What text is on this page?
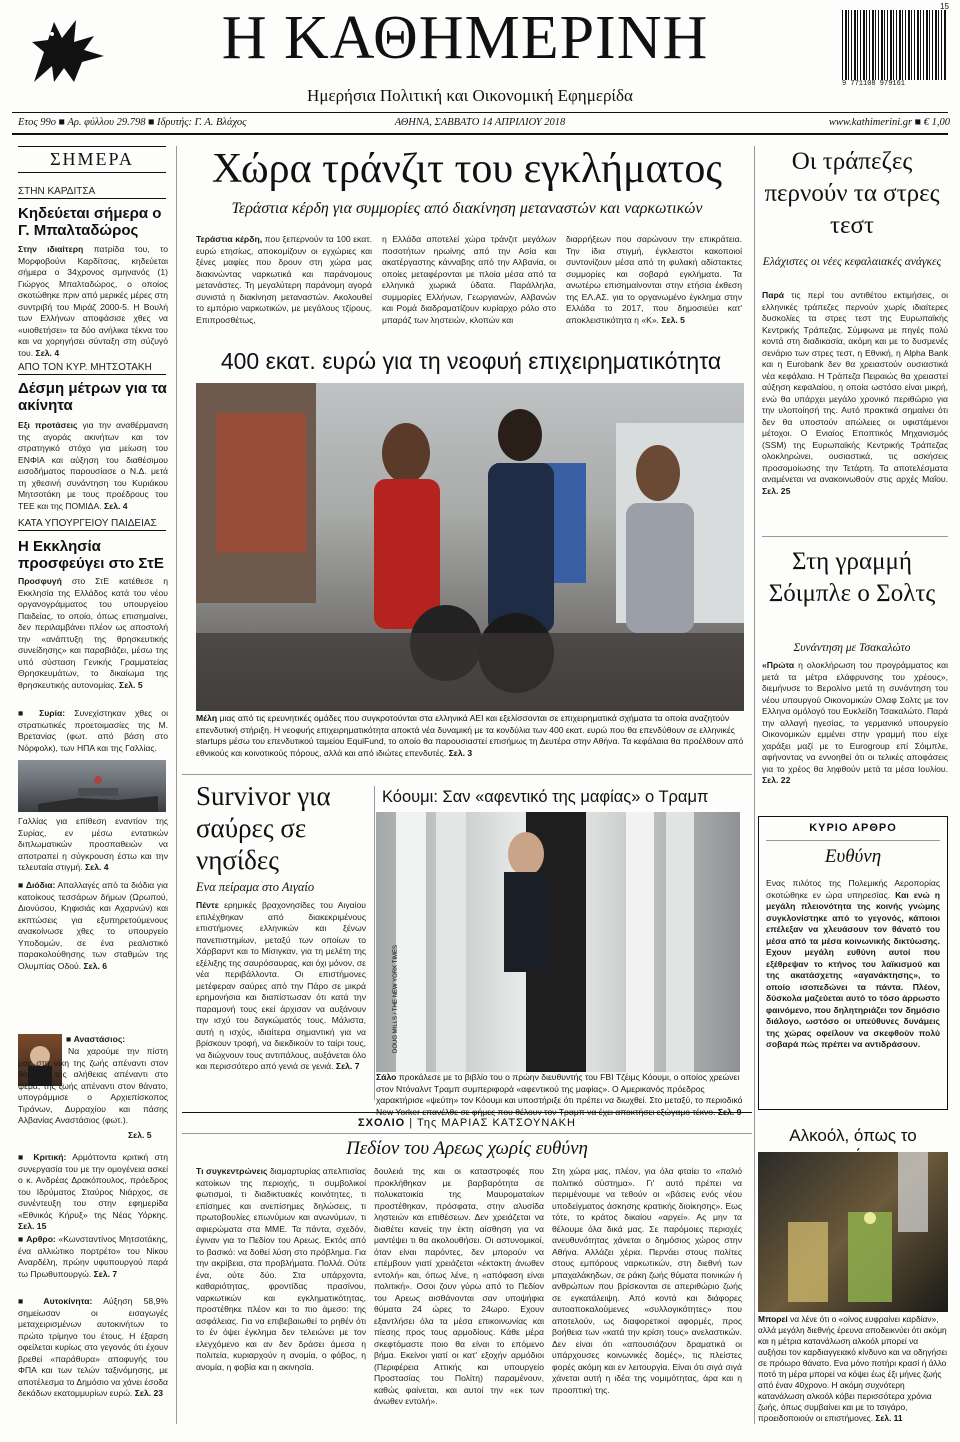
Η ΚΑΘΗΜΕΡΙΝΗ
Ημερήσια Πολιτική και Οικονομική Εφημερίδα
9 771108 979161
15
Ετος 99ο ■ Αρ. φύλλου 29.798 ■ Ιδρυτής: Γ. Α. Βλάχος	ΑΘΗΝΑ, ΣΑΒΒΑΤΟ 14 ΑΠΡΙΛΙΟΥ 2018	www.kathimerini.gr ■ € 1,00
ΣΗΜΕΡΑ
ΣΤΗΝ ΚΑΡΔΙΤΣΑ
Κηδεύεται σήμερα ο Γ. Μπαλταδώρος
Στην ιδιαίτερη πατρίδα του, το Μορφοβούνι Καρδίτσας, κηδεύεται σήμερα ο 34χρονος σμηνανός (1) Γιώργος Μπαλταδώρος, ο οποίος σκοτώθηκε πριν από μερικές μέρες στη συντριβή του Μιράζ 2000-5. Η Βουλή των Ελλήνων αποφάσισε χθες να «υιοθετήσει» τα δύο ανήλικα τέκνα του και να χορηγήσει σύνταξη στη σύζυγό του. Σελ. 4
ΑΠΟ ΤΟΝ ΚΥΡ. ΜΗΤΣΟΤΑΚΗ
Δέσμη μέτρων για τα ακίνητα
Εξι προτάσεις για την αναθέρμανση της αγοράς ακινήτων και τον στρατηγικό στόχο για μείωση του ΕΝΦΙΑ και αύξηση του διαθέσιμου εισοδήματος παρουσίασε ο Ν.Δ. μετά τη χθεσινή συνάντηση του Κυριάκου Μητσοτάκη με τους προέδρους του ΤΕΕ και της ΠΟΜΙΔΑ. Σελ. 4
ΚΑΤΑ ΥΠΟΥΡΓΕΙΟΥ ΠΑΙΔΕΙΑΣ
Η Εκκλησία προσφεύγει στο ΣτΕ
Προσφυγή στο ΣτΕ κατέθεσε η Εκκλησία της Ελλάδος κατά του νέου οργανογράμματος του υπουργείου Παιδείας, το οποίο, όπως επισημαίνει, δεν περιλαμβάνει πλέον ως αποστολή την «ανάπτυξη της θρησκευτικής συνείδησης» και παραβιάζει, μέσω της υπό σύσταση Γενικής Γραμματείας Θρησκευμάτων, το δικαίωμα της θρησκευτικής αυτονομίας. Σελ. 5
■ Συρία: Συνεχίστηκαν χθες οι στρατιωτικές προετοιμασίες της Μ. Βρετανίας (φωτ. από βάση στο Νόρφολκ), των ΗΠΑ και της Γαλλίας.
Γαλλίας για επίθεση εναντίον της Συρίας, εν μέσω εντατικών διπλωματικών προσπαθειών να αποτραπεί η σύγκρουση έστω και την τελευταία στιγμή. Σελ. 4
■ Διόδια: Απαλλαγές από τα διόδια για κατοίκους τεσσάρων δήμων (Ωρωπού, Διονύσου, Κηφισιάς και Αχαρνών) και εκπτώσεις για εξυπηρετούμενους ανακοίνωσε χθες το υπουργείο Υποδομών, σε ένα ρεαλιστικό παρακολούθησης των σταθμών της Ολυμπίας Οδού. Σελ. 6
■ Αναστάσιος:
Να χαρούμε την πίστη μας στη νίκη της ζωής απέναντι στον θάνατο, της αλήθειας απέναντι στο ψέμα, της ζωής απέναντι στον θάνατο, υπογράμμισε ο Αρχιεπίσκοπος Τιράνων, Δυρραχίου και πάσης Αλβανίας Αναστάσιος (φωτ.).
Σελ. 5
■ Κριτική: Αρμόττοντα κριτική στη συνεργασία του με την ομογένεια ασκεί ο κ. Ανδρέας Δρακόπουλος, πρόεδρος του Ιδρύματος Σταύρος Νιάρχος, σε συνέντευξη του στην εφημερίδα «Εθνικός Κήρυξ» της Νέας Υόρκης. Σελ. 15
■ Αρθρο: «Κωνσταντίνος Μητσοτάκης, ένα αλλιώτικο πορτρέτο» του Νίκου Αναρδέλη, πρώην υφυπουργού παρά τω Πρωθυπουργώ. Σελ. 7
■ Αυτοκίνητα: Αύξηση 58,9% σημείωσαν οι εισαγωγές μεταχειρισμένων αυτοκινήτων το πρώτο τρίμηνο του έτους. Η έξαρση οφείλεται κυρίως στο γεγονός ότι έχουν βρεθεί «παράθυρα» αποφυγής του ΦΠΑ και των τελών ταξινόμησης, με αποτέλεσμα το Δημόσιο να χάνει έσοδα δεκάδων εκατομμυρίων ευρώ. Σελ. 23
Χώρα τράνζιτ του εγκλήματος
Τεράστια κέρδη για συμμορίες από διακίνηση μεταναστών και ναρκωτικών
Τεράστια κέρδη, που ξεπερνούν τα 100 εκατ. ευρώ ετησίως, αποκομίζουν οι εγχώριες και ξένες μαφίες που δρουν στη χώρα μας διακινώντας ναρκωτικά και παράνομους μετανάστες. Τη μεγαλύτερη παράνομη αγορά συνιστά η διακίνηση μεταναστών. Ακολουθεί το εμπόριο ναρκωτικών, με μεγάλους τζίρους. Επιπροσθέτως,
η Ελλάδα αποτελεί χώρα τράνζιτ μεγάλων ποσοτήτων ηρωίνης από την Ασία και ακατέργαστης κάνναβης από την Αλβανία, οι οποίες μεταφέρονται με πλοία μέσα από τα ελληνικά χωρικά ύδατα. Παράλληλα, συμμορίες Ελλήνων, Γεωργιανών, Αλβανών και Ρομά διαδραματίζουν κυρίαρχο ρόλο στο μπαράζ των ληστειών, κλοπών και
διαρρήξεων που σαρώνουν την επικράτεια. Την ίδια στιγμή, έγκλειστοι κακοποιοί συντονίζουν μέσα από τη φυλακή αδίστακτες συμμορίες και σοβαρά εγκλήματα. Τα ανωτέρω επισημαίνονται στην ετήσια έκθεση της ΕΛ.ΑΣ. για το οργανωμένο έγκλημα στην Ελλάδα το 2017, που δημοσιεύει κατ' αποκλειστικότητα η «Κ». Σελ. 5
400 εκατ. ευρώ για τη νεοφυή επιχειρηματικότητα
Μέλη μιας από τις ερευνητικές ομάδες που συγκροτούνται στα ελληνικά ΑΕΙ και εξελίσσονται σε επιχειρηματικά σχήματα τα οποία αναζητούν επενδυτική στήριξη. Η νεοφυής επιχειρηματικότητα αποκτά νέα δυναμική με τα κονδύλια των 400 εκατ. ευρώ που θα επενδύθουν σε ελληνικές startups μέσω του επενδυτικού ταμείου EquiFund, το οποίο θα παρουσιαστεί επισήμως τη Δευτέρα στην Αθήνα. Τα κεφάλαια θα προέλθουν από εθνικούς και κοινοτικούς πόρους, αλλά και από ιδιώτες επενδυτές. Σελ. 3
Survivor για σαύρες σε νησίδες
Ενα πείραμα στο Αιγαίο
Πέντε ερημικές βραχονησίδες του Αιγαίου επιλέχθηκαν από διακεκριμένους επιστήμονες ελληνικών και ξένων πανεπιστημίων, μεταξύ των οποίων το Χάρβαρντ και το Μίσιγκαν, για τη μελέτη της εξέλιξης της σαυρόσαυρας, και όχι μόνον, σε νέα περιβάλλοντα. Οι επιστήμονες μετέφεραν σαύρες από την Πάρο σε μικρά ερημονήσια και διαπίστωσαν ότι κατά την παραμονή τους εκεί άρχισαν να αυξάνουν την ισχύ του δαγκώματός τους. Μάλιστα, αυτή η ισχύς, ιδιαίτερα σημαντική για να βρίσκουν τροφή, να διεκδικούν το ταίρι τους, να διώχνουν τους αντιπάλους, αυξάνεται όλο και περισσότερο από γενιά σε γενιά. Σελ. 7
Κόουμι: Σαν «αφεντικό της μαφίας» ο Τραμπ
DOUG MILLS / THE NEW YORK TIMES
Σάλο προκάλεσε με το βιβλίο του ο πρώην διευθυντής του FBI Τζέιμς Κόουμι, ο οποίος χρεώνει στον Ντόναλντ Τραμπ συμπεριφορά «αφεντικού της μαφίας». Ο Αμερικανός πρόεδρος χαρακτήρισε «ψεύτη» τον Κόουμι και υποστήριξε ότι πρέπει να διωχθεί. Στο μεταξύ, το περιοδικό
ΣΧΟΛΙΟ | Της ΜΑΡΙΑΣ ΚΑΤΣΟΥΝΑΚΗ
Πεδίον του Αρεως χωρίς ευθύνη
Τι συγκεντρώνεις διαμαρτυρίας απελπισίας κατοίκων της περιοχής, τι συμβολικοί φωτισμοί, τι διαδικτυακές κοινότητες, τι επίσημες και ανεπίσημες δηλώσεις, τι πρωτοβουλίες επωνύμων και ανωνύμων, τι αφιερώματα στα ΜΜΕ. Τα πάντα, σχεδόν, έγιναν για το Πεδίον του Αρεως. Εκτός από το βασικό: να δοθεί λύση στο πρόβλημα. Για την ακρίβεια, στα προβλήματα. Πολλά. Ούτε ένα, ούτε δύο. Στα υπάρχοντα, καθαριότητας, φροντίδας πρασίνου, ναρκωτικών και εγκληματικότητας, προστέθηκε πλέον και το πιο άμεσο: της ασφάλειας. Για να επιβεβαιωθεί το ρηθέν ότι το έν όψει έγκλημα δεν τελειώνει με τον ελεγχόμενο και αν δεν δράσει άμεσα η πολιτεία, κυριαρχούν η ανομία, ο φόβος, η ανομία, η φοβία και η ακινησία.
δουλειά της και οι καταστροφές που προκλήθηκαν με βαρβαρότητα σε πολυκατοικία της Μαυροματαίων προστέθηκαν, πρόσφατα, στην αλυσίδα ληστειών και επιθέσεων. Δεν χρειάζεται να διαθέτει κανείς την έκτη αίσθηση για να μαντέψει τι θα ακολουθήσει. Οι αστυνομικοί, όταν είναι παρόντες, δεν μπορούν να επέμβουν γιατί χρειάζεται «έκτακτη άνωθεν εντολή» και, όπως λένε, η «απόφαση είναι πολιτική». Οσοι ζουν γύρω από το Πεδίον του Αρεως αισθάνονται σαν υποψήφια θύματα 24 ώρες το 24ωρο. Εχουν εξαντλήσει όλα τα μέσα επικοινωνίας και πίεσης προς τους αρμοδίους. Κάθε μέρα σκεφτόμαστε ποιο θα είναι το επόμενο βήμα. Εκείνοι γιατί οι κατ' εξοχήν αρμόδιοι (Περιφέρεια Αττικής και υπουργείο Προστασίας του Πολίτη) παραμένουν, καθώς φαίνεται, και αυτοί την «εκ των άνωθεν εντολή».
Στη χώρα μας, πλέον, για όλα φταίει το «παλιό πολιτικό σύστημα». Γι' αυτό πρέπει να περιμένουμε να τεθούν οι «βάσεις ενός νέου υποδείγματος άσκησης κρατικής διοίκησης». Εως τότε, το κράτος δικαίου «αργεί». Ας μην τα θέλουμε όλα δικά μας. Σε παρόμοιες περιοχές ανευθυνότητας χάνεται ο δημόσιος χώρος στην Αθήνα. Αλλάζει χέρια. Περνάει στους πολίτες στους εμπόρους ναρκωτικών, στη διεθνή των μπαχαλάκηδων, σε ράκη ζωής θύματα ποινικών ή ανθρώπων που βρίσκονται σε απεριθώριο ζωής σε εγκατάλειψη. Από κοντά και διάφορες αυτοαποκαλούμενες «συλλογικότητες» που αποτελούν, ως διαφορετικοί αφορμές, προς βοήθεια των «κατά την κρίση τους» ανελαστικών. Δεν είναι ότι «απουσιάζουν δραματικά οι υπάρχουσες κοινωνικές δομές», τις πλείστες φορές ακόμη και εν λειτουργία. Είναι ότι σιγά σιγά χάνεται αυτή η ιδέα της νομιμότητας, άρα και η προοπτική της.
Οι τράπεζες περνούν τα στρες τεστ
Ελάχιστες οι νέες κεφαλαιακές ανάγκες
Παρά τις περί του αντιθέτου εκτιμήσεις, οι ελληνικές τράπεζες περνούν χωρίς ιδιαίτερες δυσκολίες τα στρες τεστ της Ευρωπαϊκής Κεντρικής Τράπεζας. Σύμφωνα με πηγές πολύ κοντά στη διαδικασία, ακόμη και με το δυσμενές σενάριο των στρες τεστ, η Εθνική, η Alpha Bank και η Eurobank δεν θα χρειαστούν ουσιαστικά νέα κεφάλαια. Η Τράπεζα Πειραιώς θα χρειαστεί αύξηση κεφαλαίου, η οποία ωστόσο είναι μικρή, ενώ θα υπάρχει μεγάλο χρονικό περιθώριο για την υλοποίησή της. Αυτό πρακτικά σημαίνει ότι δεν θα υποστούν απώλειες οι υφιστάμενοι μέτοχοι. Ο Ενιαίος Εποπτικός Μηχανισμός (SSM) της Ευρωπαϊκής Κεντρικής Τράπεζας ολοκληρώνει, ουσιαστικά, τις ασκήσεις προσομοίωσης την Τετάρτη. Τα αποτελέσματα αναμένεται να ανακοινωθούν στις αρχές Μαΐου. Σελ. 25
Στη γραμμή Σόιμπλε ο Σολτς
Συνάντηση με Τσακαλώτο
«Πρώτα η ολοκλήρωση του προγράμματος και μετά τα μέτρα ελάφρυνσης του χρέους», διεμήνυσε το Βερολίνο μετά τη συνάντηση του νέου υπουργού Οικονομικών Ολαφ Σολτς με τον Ελληνα ομόλογό του Ευκλείδη Τσακαλώτο. Παρά την αλλαγή ηγεσίας, το γερμανικό υπουργείο Οικονομικών εμμένει στην γραμμή που είχε χαράξει μαζί με το Eurogroup επί Σόιμπλε, αφήνοντας να εννοηθεί ότι οι τελικές αποφάσεις για το χρέος θα ληφθούν μετά τα μέσα Ιουλίου. Σελ. 22
ΚΥΡΙΟ ΑΡΘΡΟ
Ευθύνη
Ενας πιλότος της Πολεμικής Αεροπορίας σκοτώθηκε εν ώρα υπηρεσίας. Και ενώ η μεγάλη πλειονότητα της κοινής γνώμης συγκλονίστηκε από το γεγονός, κάποιοι επέλεξαν να χλευάσουν τον θάνατό του μέσα από τα μέσα κοινωνικής δικτύωσης. Εχουν μεγάλη ευθύνη αυτοί που εξέθρεψαν το κτήνος του λαϊκισμού και της ακατάσχετης «αγανάκτησης», το οποίο ισοπεδώνει τα πάντα. Πλέον, δύσκολα μαζεύεται αυτό το τόσο άρρωστο φαινόμενο, που δηλητηριάζει τον δημόσιο διάλογο, ωστόσο οι υπεύθυνες δυνάμεις της χώρας οφείλουν να σκεφθούν πολύ σοβαρά πώς πρέπει να αντιδράσουν.
Αλκοόλ, όπως το
Μπορεί να λένε ότι ο «οίνος ευφραίνει καρδίαν», αλλά μεγάλη διεθνής έρευνα αποδεικνύει ότι ακόμη και η μέτρια κατανάλωση αλκοόλ μπορεί να αυξήσει τον καρδιαγγειακό κίνδυνο και να οδηγήσει σε πρόωρο θάνατο. Ενα μόνο ποτήρι κρασί ή άλλο ποτό τη μέρα μπορεί να κόψει έως έξι μήνες ζωής από έναν 40χρονο. Η ακόμη συχνότερη κατανάλωση αλκοόλ κόβει περισσότερα χρόνια ζωής, όπως συμβαίνει και με το τσιγάρο, προειδοποιούν οι επιστήμονες. Σελ. 11
